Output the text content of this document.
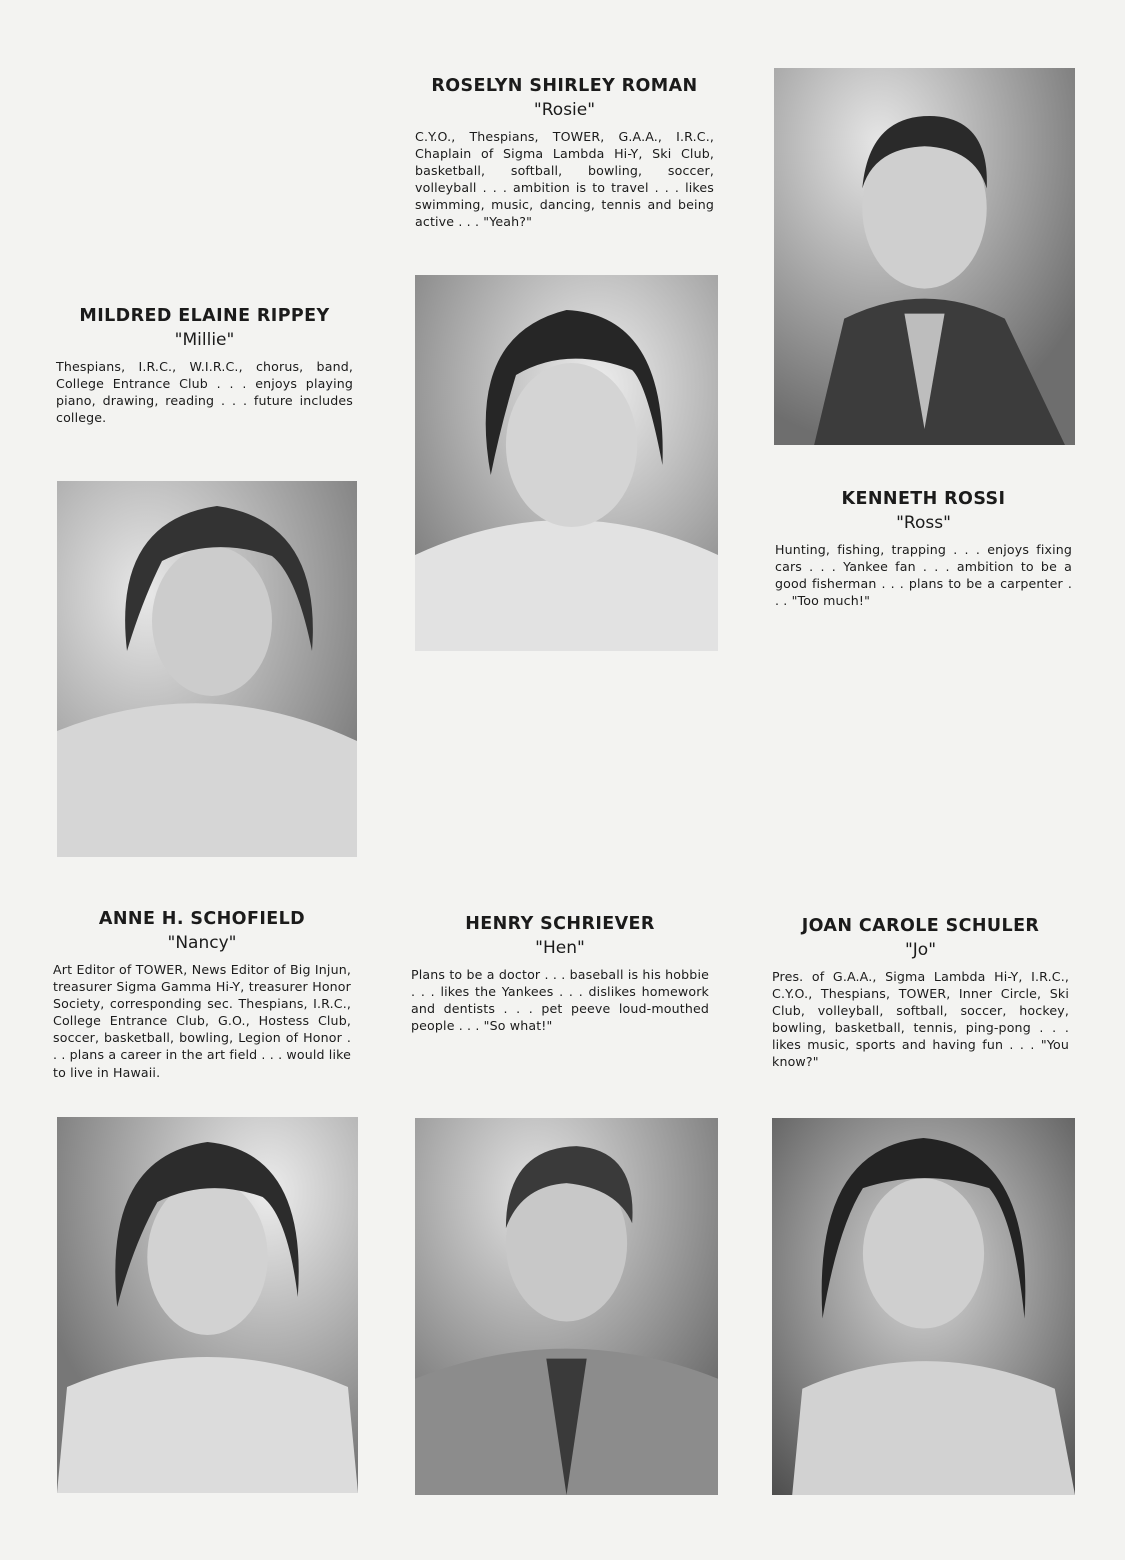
ROSELYN SHIRLEY ROMAN

"Rosie"

C.Y.O., Thespians, TOWER, G.A.A., I.R.C., Chaplain of Sigma Lambda Hi-Y, Ski Club, basketball, softball, bowling, soccer, volleyball . . . ambition is to travel . . . likes swimming, music, dancing, tennis and being active . . . "Yeah?"

MILDRED ELAINE RIPPEY

"Millie"

Thespians, I.R.C., W.I.R.C., chorus, band, College Entrance Club . . . enjoys playing piano, drawing, reading . . . future includes college.

KENNETH ROSSI

"Ross"

Hunting, fishing, trapping . . . enjoys fixing cars . . . Yankee fan . . . ambition to be a good fisherman . . . plans to be a carpenter . . . "Too much!"

ANNE H. SCHOFIELD

"Nancy"

Art Editor of TOWER, News Editor of Big Injun, treasurer Sigma Gamma Hi-Y, treasurer Honor Society, corresponding sec. Thespians, I.R.C., College Entrance Club, G.O., Hostess Club, soccer, basketball, bowling, Legion of Honor . . . plans a career in the art field . . . would like to live in Hawaii.

HENRY SCHRIEVER

"Hen"

Plans to be a doctor . . . baseball is his hobbie . . . likes the Yankees . . . dislikes homework and dentists . . . pet peeve loud-mouthed people . . . "So what!"

JOAN CAROLE SCHULER

"Jo"

Pres. of G.A.A., Sigma Lambda Hi-Y, I.R.C., C.Y.O., Thespians, TOWER, Inner Circle, Ski Club, volleyball, softball, soccer, hockey, bowling, basketball, tennis, ping-pong . . . likes music, sports and having fun . . . "You know?"
